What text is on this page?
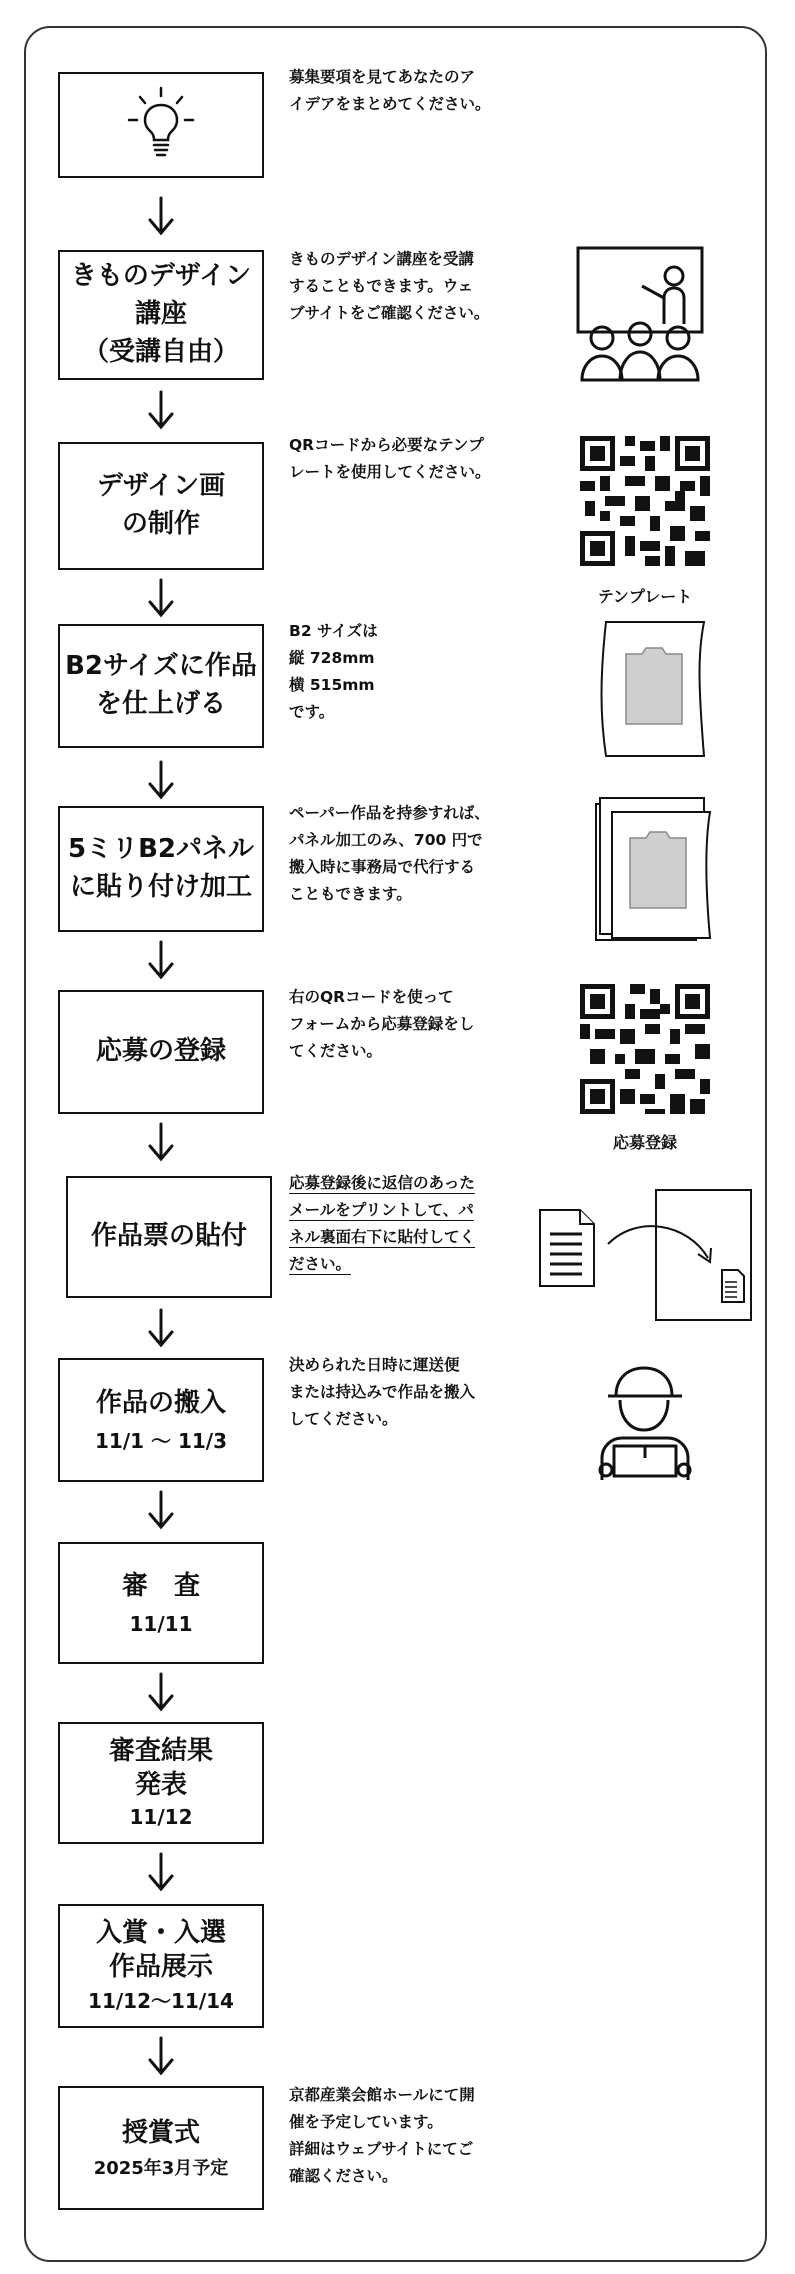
募集要項を見てあなたのア
イデアをまとめてください。
きものデザイン講座
（受講自由）
きものデザイン講座を受講
することもできます。ウェ
ブサイトをご確認ください。
デザイン画
の制作
QRコードから必要なテンプ
レートを使用してください。
テンプレート
B2サイズに作品
を仕上げる
B2 サイズは
縦 728mm
横 515mm
です。
5ミリB2パネル
に貼り付け加工
ペーパー作品を持参すれば、
パネル加工のみ、700 円で
搬入時に事務局で代行する
こともできます。
応募の登録
右のQRコードを使って
フォームから応募登録をし
てください。
応募登録
作品票の貼付
応募登録後に返信のあった
メールをプリントして、パ
ネル裏面右下に貼付してく
ださい。
作品の搬入
11/1 ～ 11/3
決められた日時に運送便
または持込みで作品を搬入
してください。
審　査
11/11
審査結果
発表
11/12
入賞・入選
作品展示
11/12～11/14
授賞式
2025年3月予定
京都産業会館ホールにて開
催を予定しています。
詳細はウェブサイトにてご
確認ください。
